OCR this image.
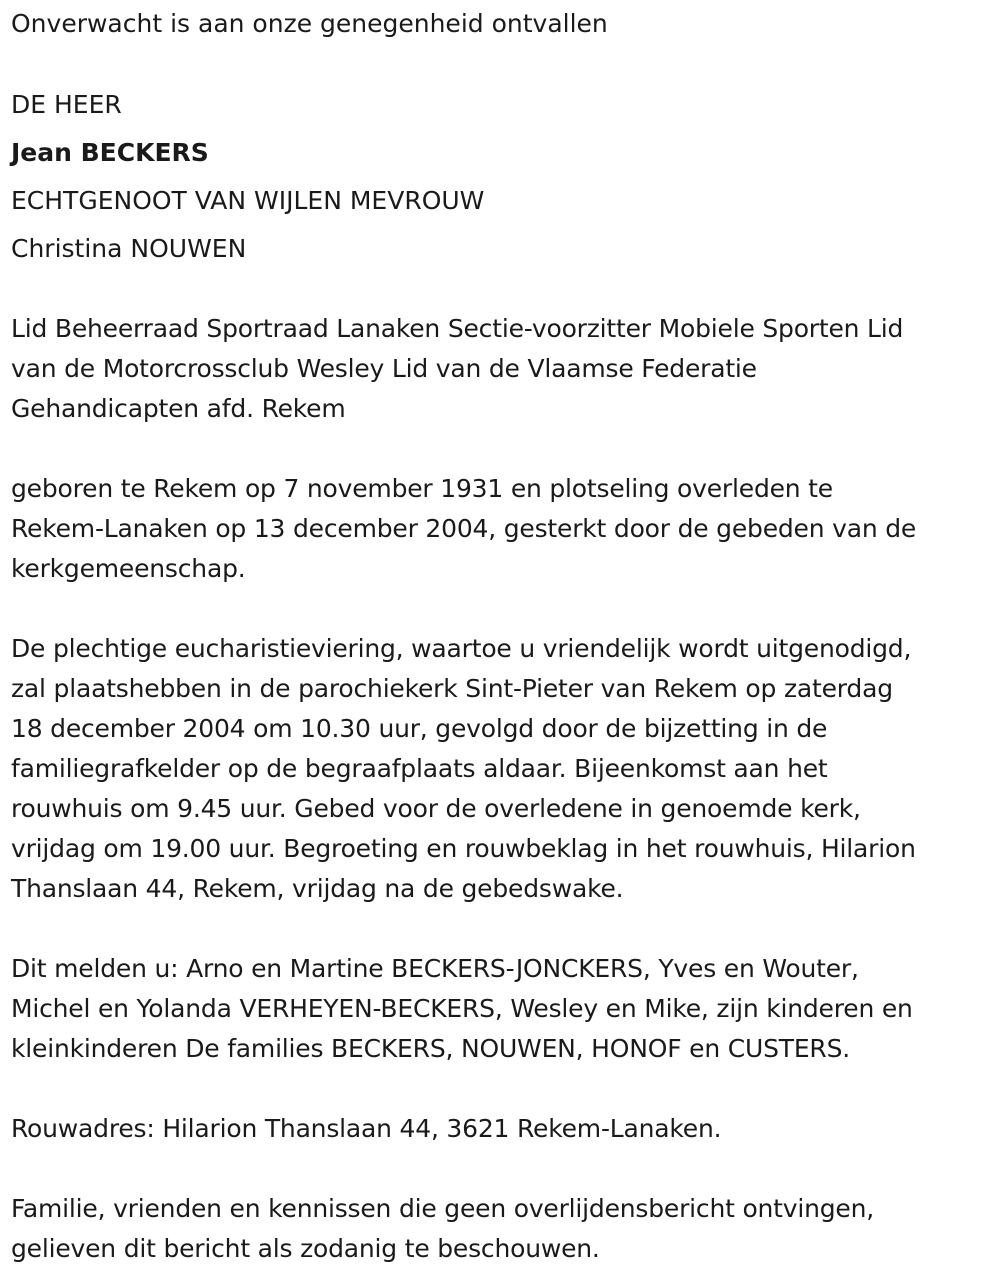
Onverwacht is aan onze genegenheid ontvallen
DE HEER
Jean BECKERS
ECHTGENOOT VAN WIJLEN MEVROUW
Christina NOUWEN
Lid Beheerraad Sportraad Lanaken Sectie-voorzitter Mobiele Sporten Lid
van de Motorcrossclub Wesley Lid van de Vlaamse Federatie
Gehandicapten afd. Rekem
geboren te Rekem op 7 november 1931 en plotseling overleden te
Rekem-Lanaken op 13 december 2004, gesterkt door de gebeden van de
kerkgemeenschap.
De plechtige eucharistieviering, waartoe u vriendelijk wordt uitgenodigd,
zal plaatshebben in de parochiekerk Sint-Pieter van Rekem op zaterdag
18 december 2004 om 10.30 uur, gevolgd door de bijzetting in de
familiegrafkelder op de begraafplaats aldaar. Bijeenkomst aan het
rouwhuis om 9.45 uur. Gebed voor de overledene in genoemde kerk,
vrijdag om 19.00 uur. Begroeting en rouwbeklag in het rouwhuis, Hilarion
Thanslaan 44, Rekem, vrijdag na de gebedswake.
Dit melden u: Arno en Martine BECKERS-JONCKERS, Yves en Wouter,
Michel en Yolanda VERHEYEN-BECKERS, Wesley en Mike, zijn kinderen en
kleinkinderen De families BECKERS, NOUWEN, HONOF en CUSTERS.
Rouwadres: Hilarion Thanslaan 44, 3621 Rekem-Lanaken.
Familie, vrienden en kennissen die geen overlijdensbericht ontvingen,
gelieven dit bericht als zodanig te beschouwen.
